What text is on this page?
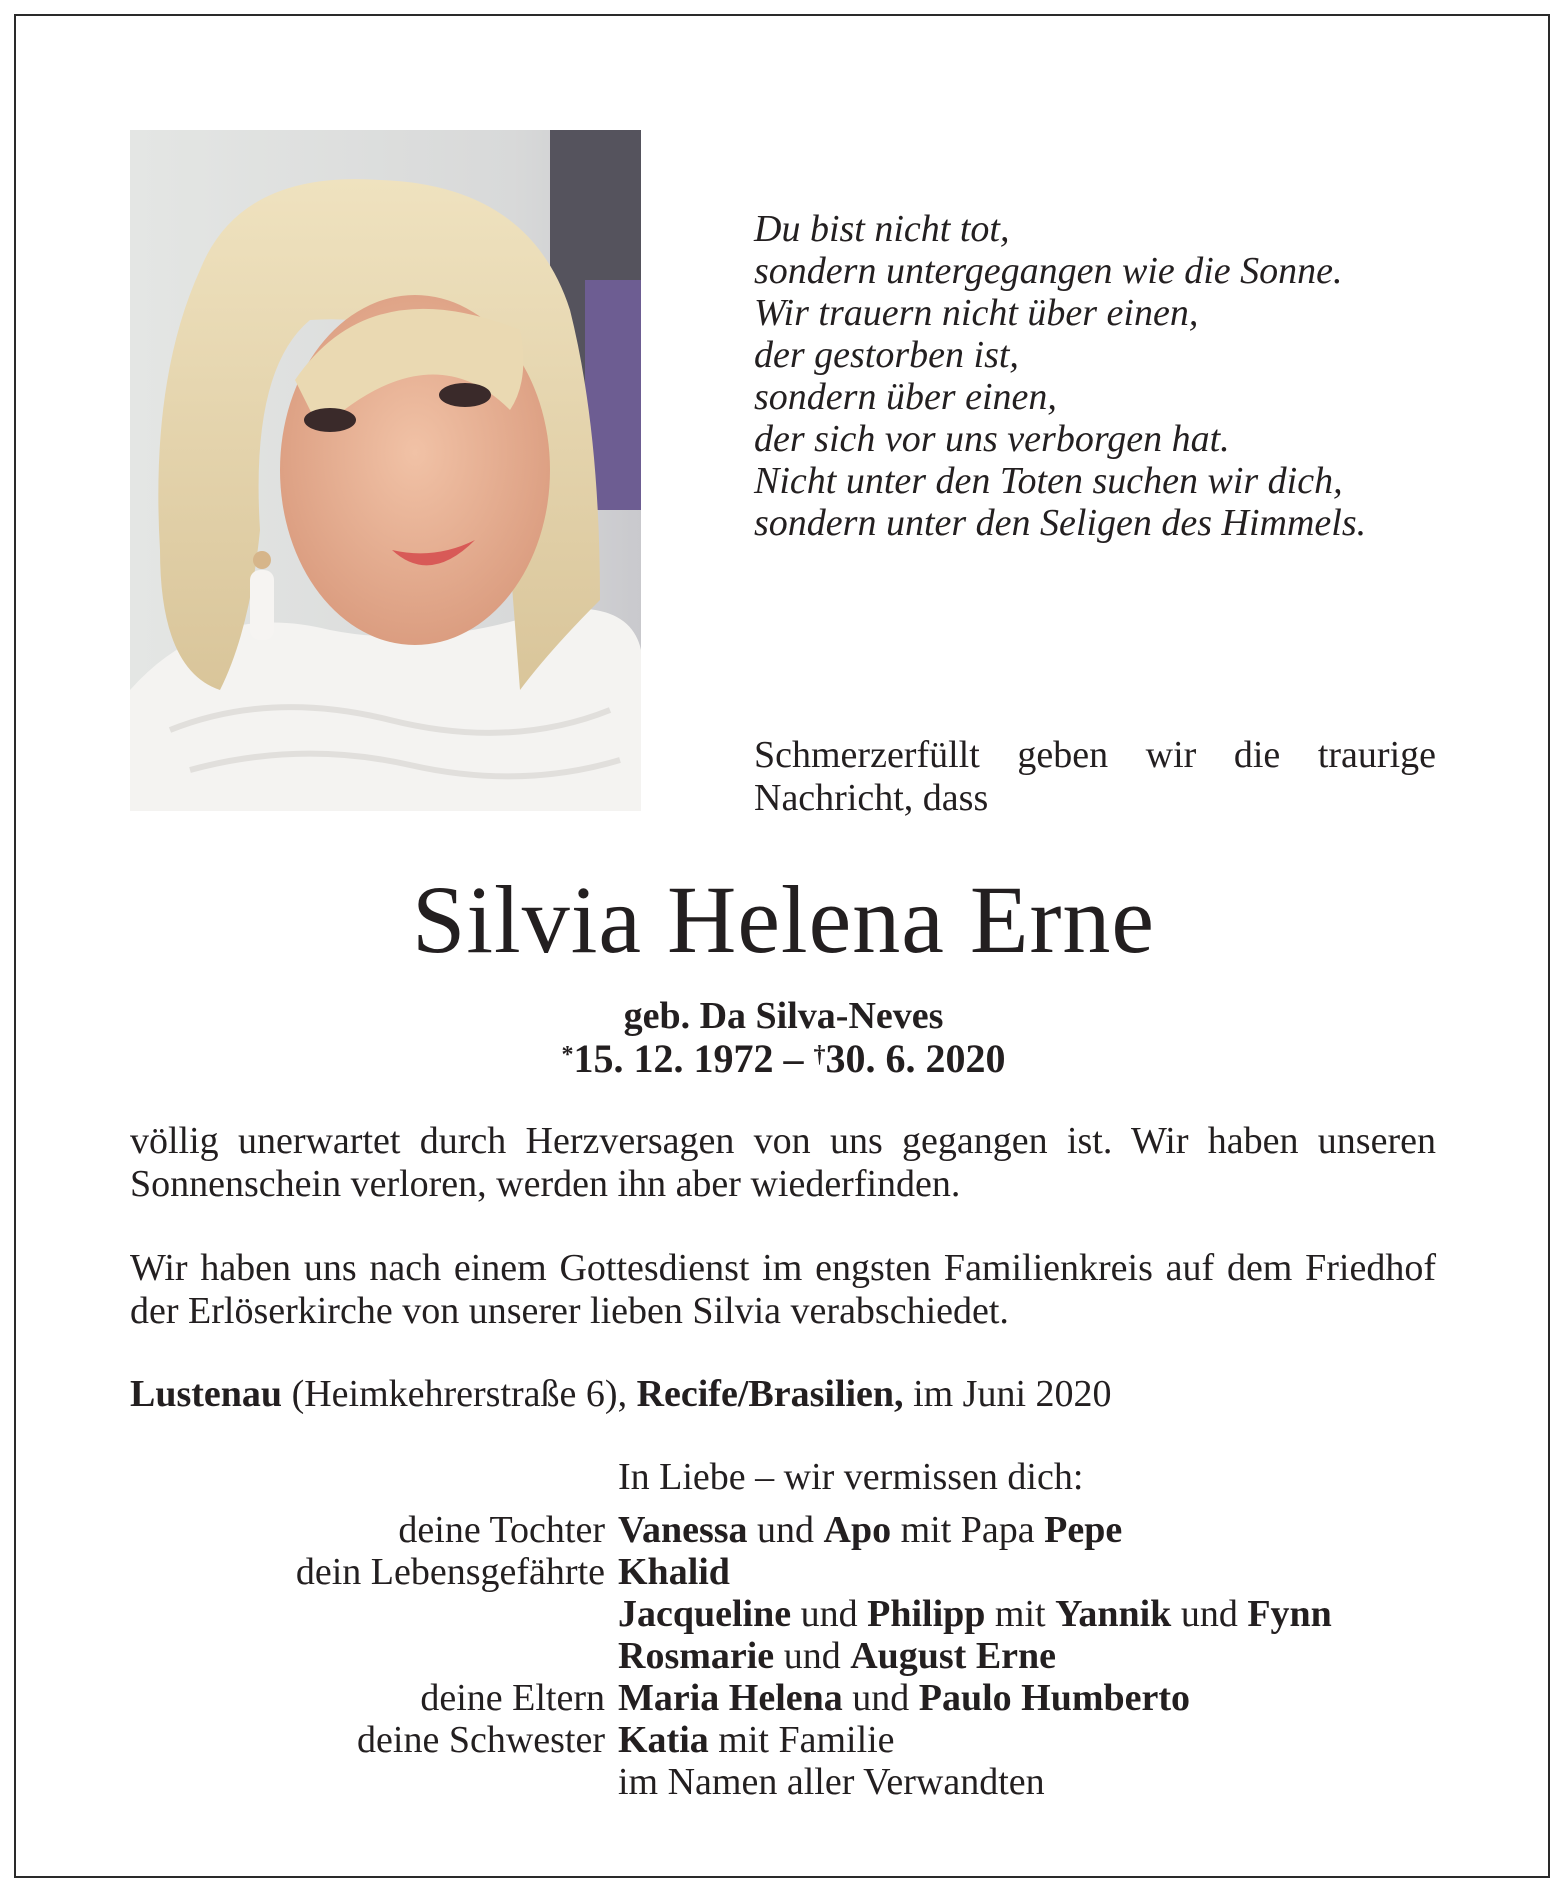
Du bist nicht tot,
sondern untergegangen wie die Sonne.
Wir trauern nicht über einen,
der gestorben ist,
sondern über einen,
der sich vor uns verborgen hat.
Nicht unter den Toten suchen wir dich,
sondern unter den Seligen des Himmels.
Schmerzerfüllt geben wir die traurige Nachricht, dass
Silvia Helena Erne
geb. Da Silva-Neves
*15. 12. 1972 – †30. 6. 2020
völlig unerwartet durch Herzversagen von uns gegangen ist. Wir haben unseren Sonnenschein verloren, werden ihn aber wiederfinden.
Wir haben uns nach einem Gottesdienst im engsten Familienkreis auf dem Friedhof der Erlöserkirche von unserer lieben Silvia verabschiedet.
Lustenau (Heimkehrerstraße 6), Recife/Brasilien, im Juni 2020
In Liebe – wir vermissen dich:
deine Tochter Vanessa und Apo mit Papa Pepe
dein Lebensgefährte Khalid
Jacqueline und Philipp mit Yannik und Fynn
Rosmarie und August Erne
deine Eltern Maria Helena und Paulo Humberto
deine Schwester Katia mit Familie
im Namen aller Verwandten
